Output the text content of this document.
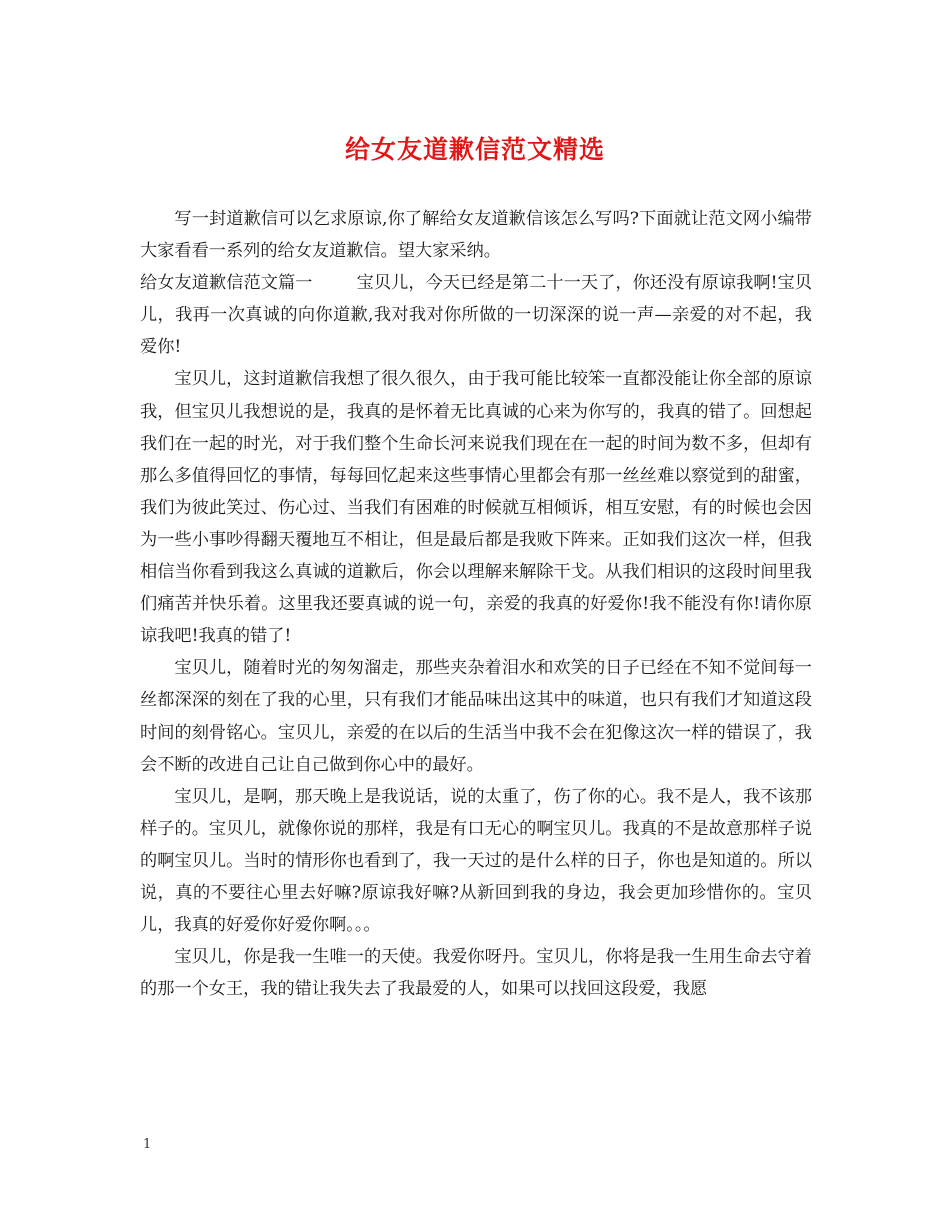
给女友道歉信范文精选

写一封道歉信可以乞求原谅,你了解给女友道歉信该怎么写吗?下面就让范文网小编带大家看看一系列的给女友道歉信。望大家采纳。

给女友道歉信范文篇一	宝贝儿，今天已经是第二十一天了，你还没有原谅我啊!宝贝儿，我再一次真诚的向你道歉,我对我对你所做的一切深深的说一声—亲爱的对不起，我爱你!

宝贝儿，这封道歉信我想了很久很久，由于我可能比较笨一直都没能让你全部的原谅我，但宝贝儿我想说的是，我真的是怀着无比真诚的心来为你写的，我真的错了。回想起我们在一起的时光，对于我们整个生命长河来说我们现在在一起的时间为数不多，但却有那么多值得回忆的事情，每每回忆起来这些事情心里都会有那一丝丝难以察觉到的甜蜜，我们为彼此笑过、伤心过、当我们有困难的时候就互相倾诉，相互安慰，有的时候也会因为一些小事吵得翻天覆地互不相让，但是最后都是我败下阵来。正如我们这次一样，但我相信当你看到我这么真诚的道歉后，你会以理解来解除干戈。从我们相识的这段时间里我们痛苦并快乐着。这里我还要真诚的说一句，亲爱的我真的好爱你!我不能没有你!请你原谅我吧!我真的错了!

宝贝儿，随着时光的匆匆溜走，那些夹杂着泪水和欢笑的日子已经在不知不觉间每一丝都深深的刻在了我的心里，只有我们才能品味出这其中的味道，也只有我们才知道这段时间的刻骨铭心。宝贝儿，亲爱的在以后的生活当中我不会在犯像这次一样的错误了，我会不断的改进自己让自己做到你心中的最好。

宝贝儿，是啊，那天晚上是我说话，说的太重了，伤了你的心。我不是人，我不该那样子的。宝贝儿，就像你说的那样，我是有口无心的啊宝贝儿。我真的不是故意那样子说的啊宝贝儿。当时的情形你也看到了，我一天过的是什么样的日子，你也是知道的。所以说，真的不要往心里去好嘛?原谅我好嘛?从新回到我的身边，我会更加珍惜你的。宝贝儿，我真的好爱你好爱你啊。。。

宝贝儿，你是我一生唯一的天使。我爱你呀丹。宝贝儿，你将是我一生用生命去守着的那一个女王，我的错让我失去了我最爱的人，如果可以找回这段爱，我愿

1
